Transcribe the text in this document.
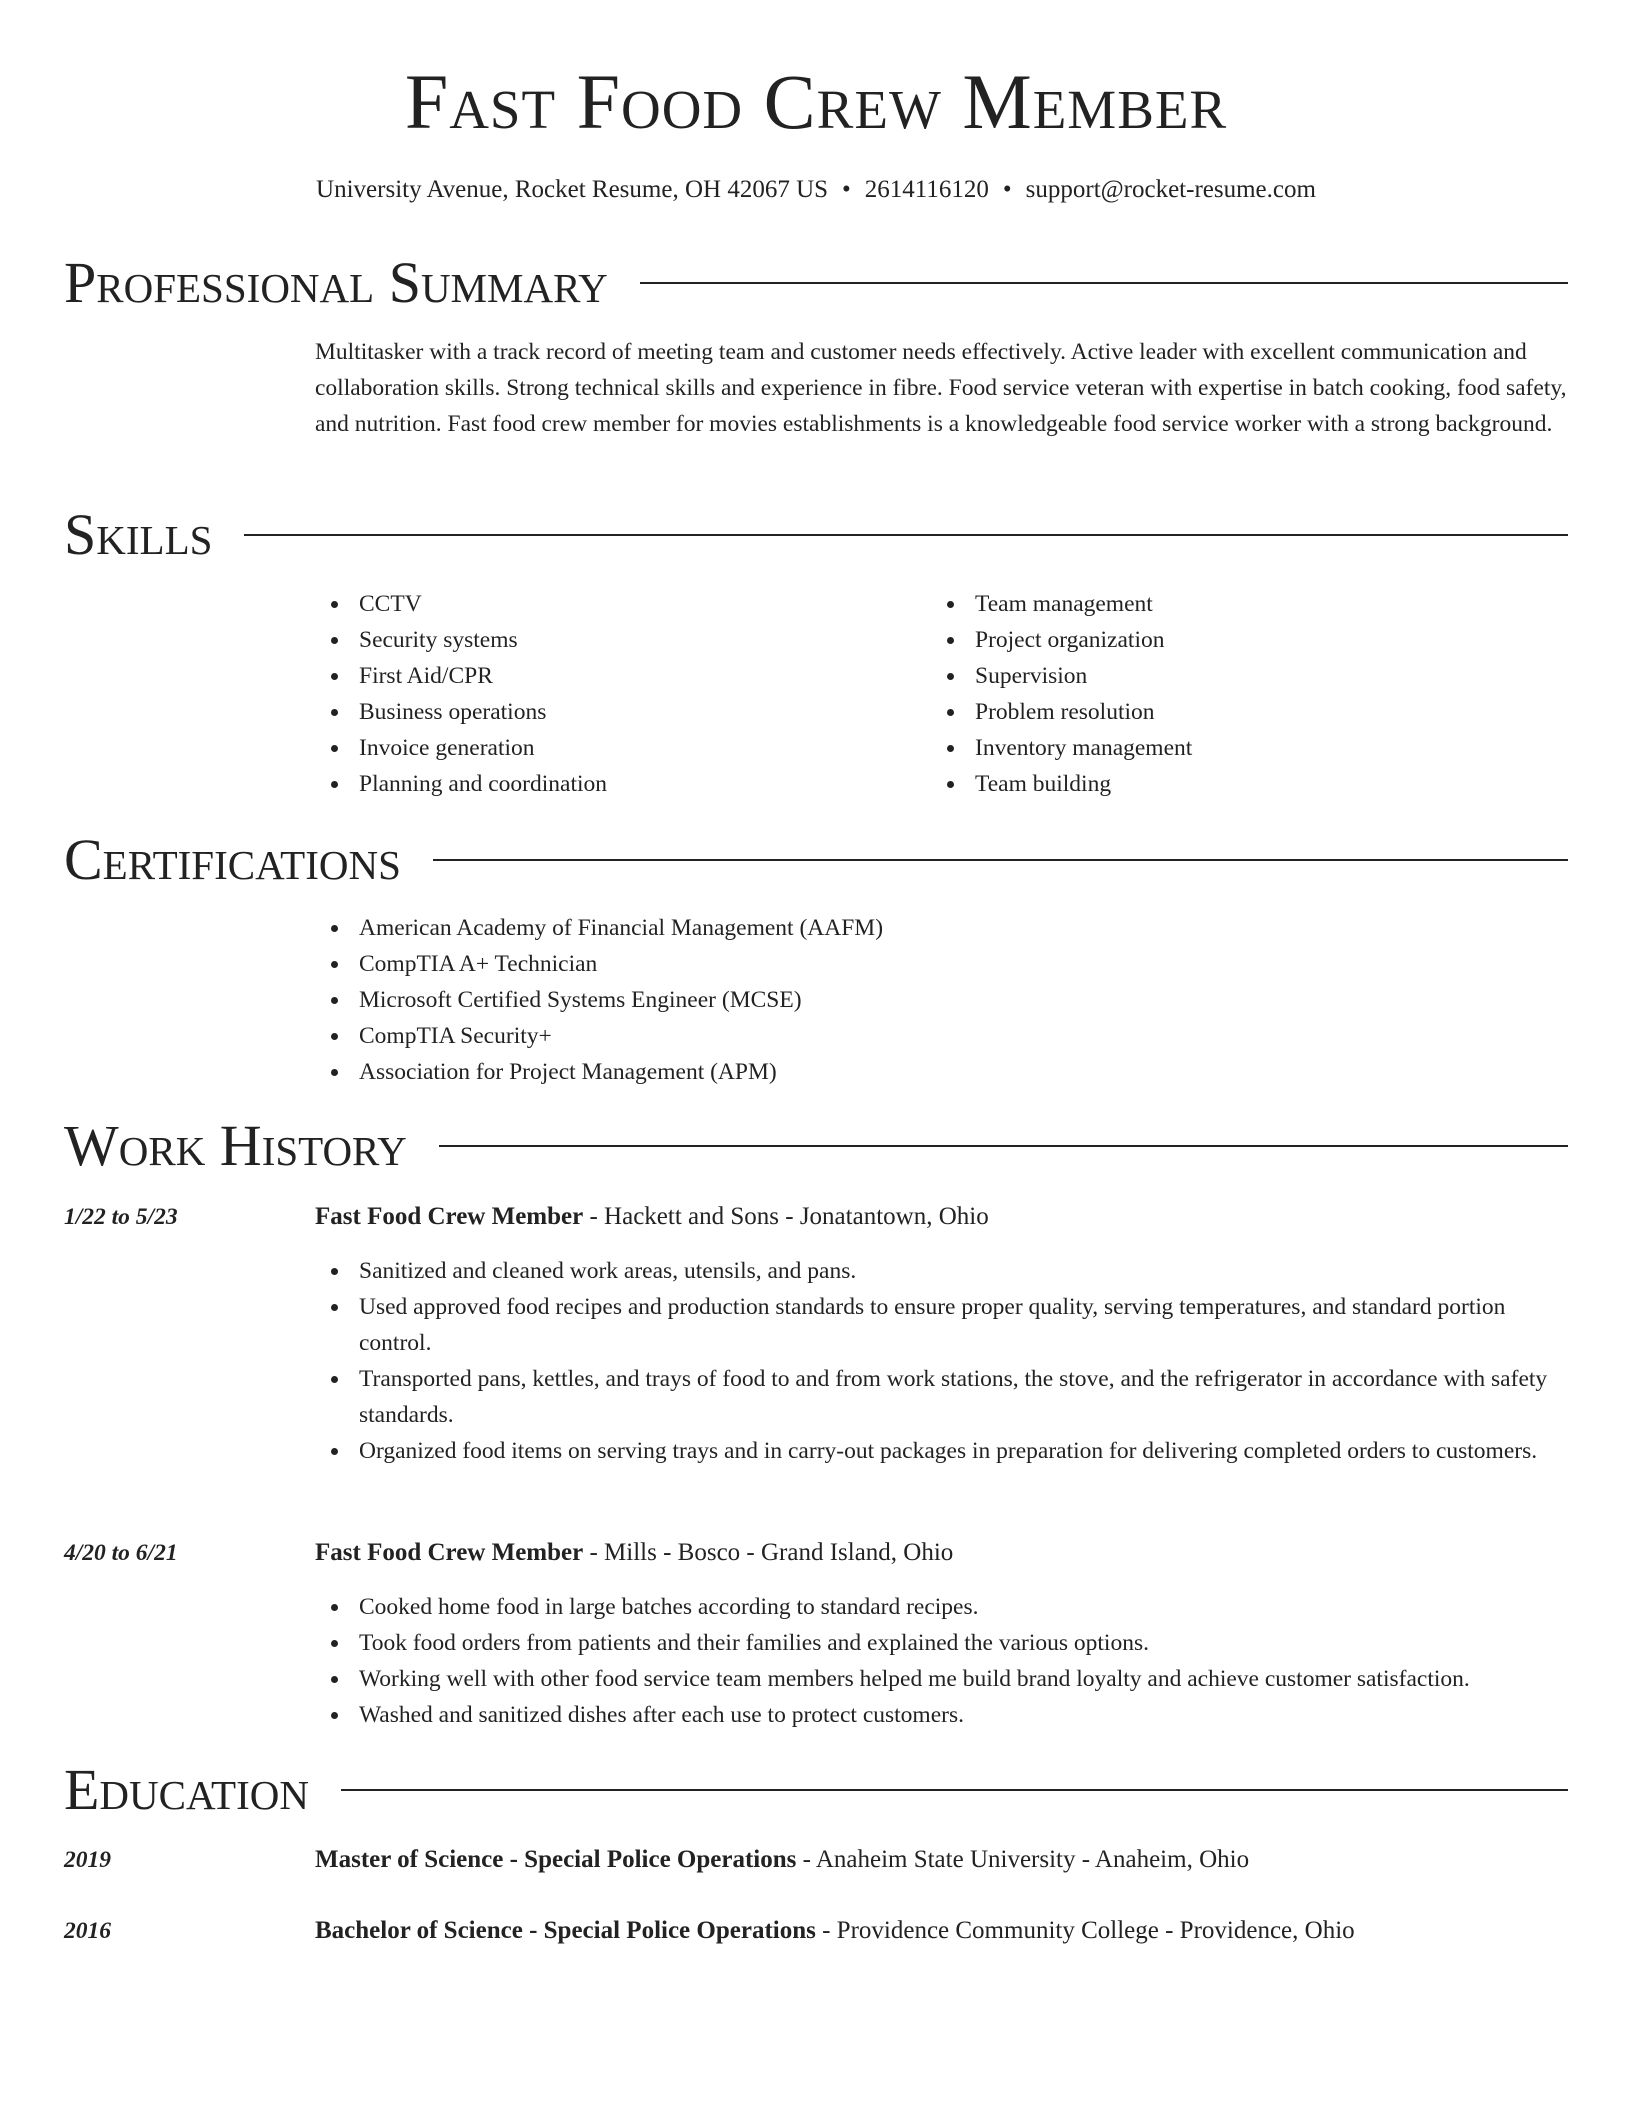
Fast Food Crew Member
University Avenue, Rocket Resume, OH 42067 US • 2614116120 • support@rocket-resume.com
Professional Summary
Multitasker with a track record of meeting team and customer needs effectively. Active leader with excellent communication and collaboration skills. Strong technical skills and experience in fibre. Food service veteran with expertise in batch cooking, food safety, and nutrition. Fast food crew member for movies establishments is a knowledgeable food service worker with a strong background.
Skills
CCTV
Security systems
First Aid/CPR
Business operations
Invoice generation
Planning and coordination
Team management
Project organization
Supervision
Problem resolution
Inventory management
Team building
Certifications
American Academy of Financial Management (AAFM)
CompTIA A+ Technician
Microsoft Certified Systems Engineer (MCSE)
CompTIA Security+
Association for Project Management (APM)
Work History
1/22 to 5/23	Fast Food Crew Member - Hackett and Sons - Jonatantown, Ohio
Sanitized and cleaned work areas, utensils, and pans.
Used approved food recipes and production standards to ensure proper quality, serving temperatures, and standard portion control.
Transported pans, kettles, and trays of food to and from work stations, the stove, and the refrigerator in accordance with safety standards.
Organized food items on serving trays and in carry-out packages in preparation for delivering completed orders to customers.
4/20 to 6/21	Fast Food Crew Member - Mills - Bosco - Grand Island, Ohio
Cooked home food in large batches according to standard recipes.
Took food orders from patients and their families and explained the various options.
Working well with other food service team members helped me build brand loyalty and achieve customer satisfaction.
Washed and sanitized dishes after each use to protect customers.
Education
2019	Master of Science - Special Police Operations - Anaheim State University - Anaheim, Ohio
2016	Bachelor of Science - Special Police Operations - Providence Community College - Providence, Ohio
